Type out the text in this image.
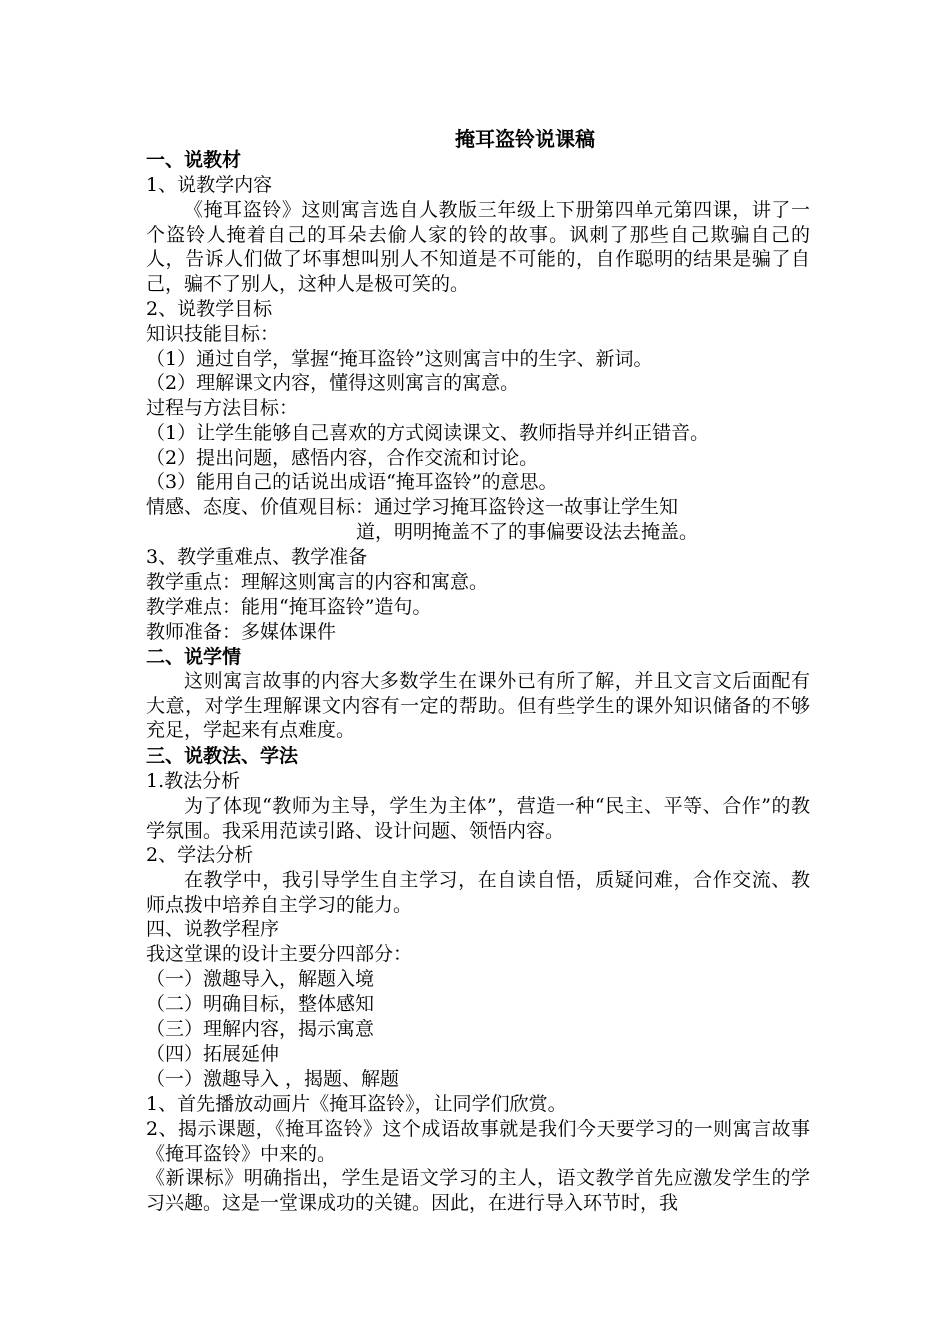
掩耳盗铃说课稿
一、说教材
1、说教学内容
《掩耳盗铃》这则寓言选自人教版三年级上下册第四单元第四课，讲了一个盗铃人掩着自己的耳朵去偷人家的铃的故事。讽刺了那些自己欺骗自己的人，告诉人们做了坏事想叫别人不知道是不可能的，自作聪明的结果是骗了自己，骗不了别人，这种人是极可笑的。
2、说教学目标
知识技能目标：
（1）通过自学，掌握“掩耳盗铃”这则寓言中的生字、新词。
（2）理解课文内容，懂得这则寓言的寓意。
过程与方法目标：
（1）让学生能够自己喜欢的方式阅读课文、教师指导并纠正错音。
（2）提出问题，感悟内容，合作交流和讨论。
（3）能用自己的话说出成语“掩耳盗铃”的意思。
情感、态度、价值观目标：通过学习掩耳盗铃这一故事让学生知
道，明明掩盖不了的事偏要设法去掩盖。
3、教学重难点、教学准备
教学重点：理解这则寓言的内容和寓意。
教学难点：能用“掩耳盗铃”造句。
教师准备：多媒体课件
二、说学情
这则寓言故事的内容大多数学生在课外已有所了解，并且文言文后面配有大意，对学生理解课文内容有一定的帮助。但有些学生的课外知识储备的不够充足，学起来有点难度。
三、说教法、学法
1.教法分析
为了体现“教师为主导，学生为主体”，营造一种“民主、平等、合作”的教学氛围。我采用范读引路、设计问题、领悟内容。
2、学法分析
在教学中，我引导学生自主学习，在自读自悟，质疑问难，合作交流、教师点拨中培养自主学习的能力。
四、说教学程序
我这堂课的设计主要分四部分：
（一）激趣导入，解题入境
（二）明确目标，整体感知
（三）理解内容，揭示寓意
（四）拓展延伸
（一）激趣导入 ，揭题、解题
1、首先播放动画片《掩耳盗铃》，让同学们欣赏。
2、揭示课题，《掩耳盗铃》这个成语故事就是我们今天要学习的一则寓言故事《掩耳盗铃》中来的。
《新课标》明确指出，学生是语文学习的主人，语文教学首先应激发学生的学习兴趣。这是一堂课成功的关键。因此，在进行导入环节时，我
